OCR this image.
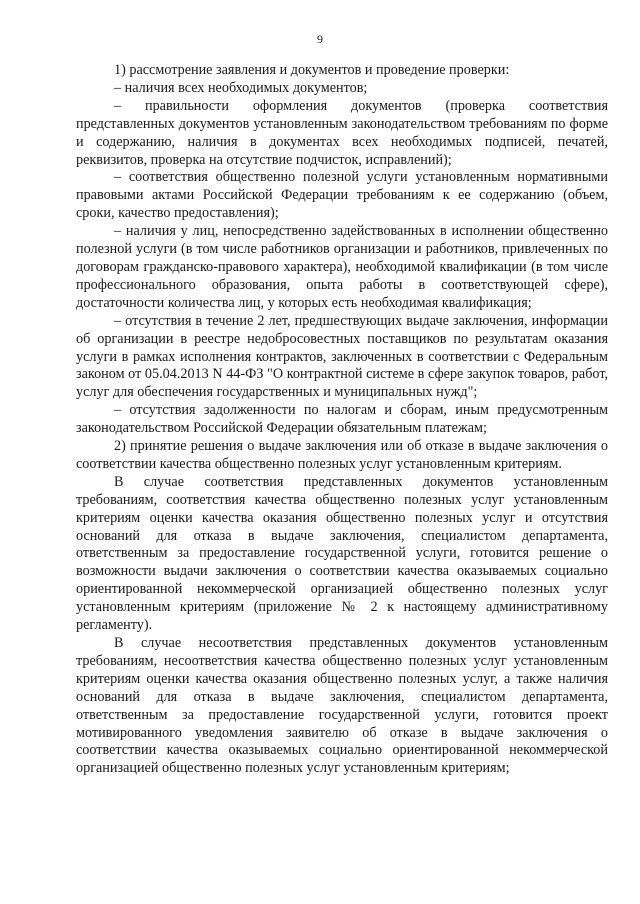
9

1) рассмотрение заявления и документов и проведение проверки:

– наличия всех необходимых документов;

– правильности оформления документов (проверка соответствия представленных документов установленным законодательством требованиям по форме и содержанию, наличия в документах всех необходимых подписей, печатей, реквизитов, проверка на отсутствие подчисток, исправлений);

– соответствия общественно полезной услуги установленным нормативными правовыми актами Российской Федерации требованиям к ее содержанию (объем, сроки, качество предоставления);

– наличия у лиц, непосредственно задействованных в исполнении общественно полезной услуги (в том числе работников организации и работников, привлеченных по договорам гражданско-правового характера), необходимой квалификации (в том числе профессионального образования, опыта работы в соответствующей сфере), достаточности количества лиц, у которых есть необходимая квалификация;

– отсутствия в течение 2 лет, предшествующих выдаче заключения, информации об организации в реестре недобросовестных поставщиков по результатам оказания услуги в рамках исполнения контрактов, заключенных в соответствии с Федеральным законом от 05.04.2013 N 44-ФЗ "О контрактной системе в сфере закупок товаров, работ, услуг для обеспечения государственных и муниципальных нужд";

– отсутствия задолженности по налогам и сборам, иным предусмотренным законодательством Российской Федерации обязательным платежам;

2) принятие решения о выдаче заключения или об отказе в выдаче заключения о соответствии качества общественно полезных услуг установленным критериям.

В случае соответствия представленных документов установленным требованиям, соответствия качества общественно полезных услуг установленным критериям оценки качества оказания общественно полезных услуг и отсутствия оснований для отказа в выдаче заключения, специалистом департамента, ответственным за предоставление государственной услуги, готовится решение о возможности выдачи заключения о соответствии качества оказываемых социально ориентированной некоммерческой организацией общественно полезных услуг установленным критериям (приложение № 2 к настоящему административному регламенту).

В случае несоответствия представленных документов установленным требованиям, несоответствия качества общественно полезных услуг установленным критериям оценки качества оказания общественно полезных услуг, а также наличия оснований для отказа в выдаче заключения, специалистом департамента, ответственным за предоставление государственной услуги, готовится проект мотивированного уведомления заявителю об отказе в выдаче заключения о соответствии качества оказываемых социально ориентированной некоммерческой организацией общественно полезных услуг установленным критериям;
